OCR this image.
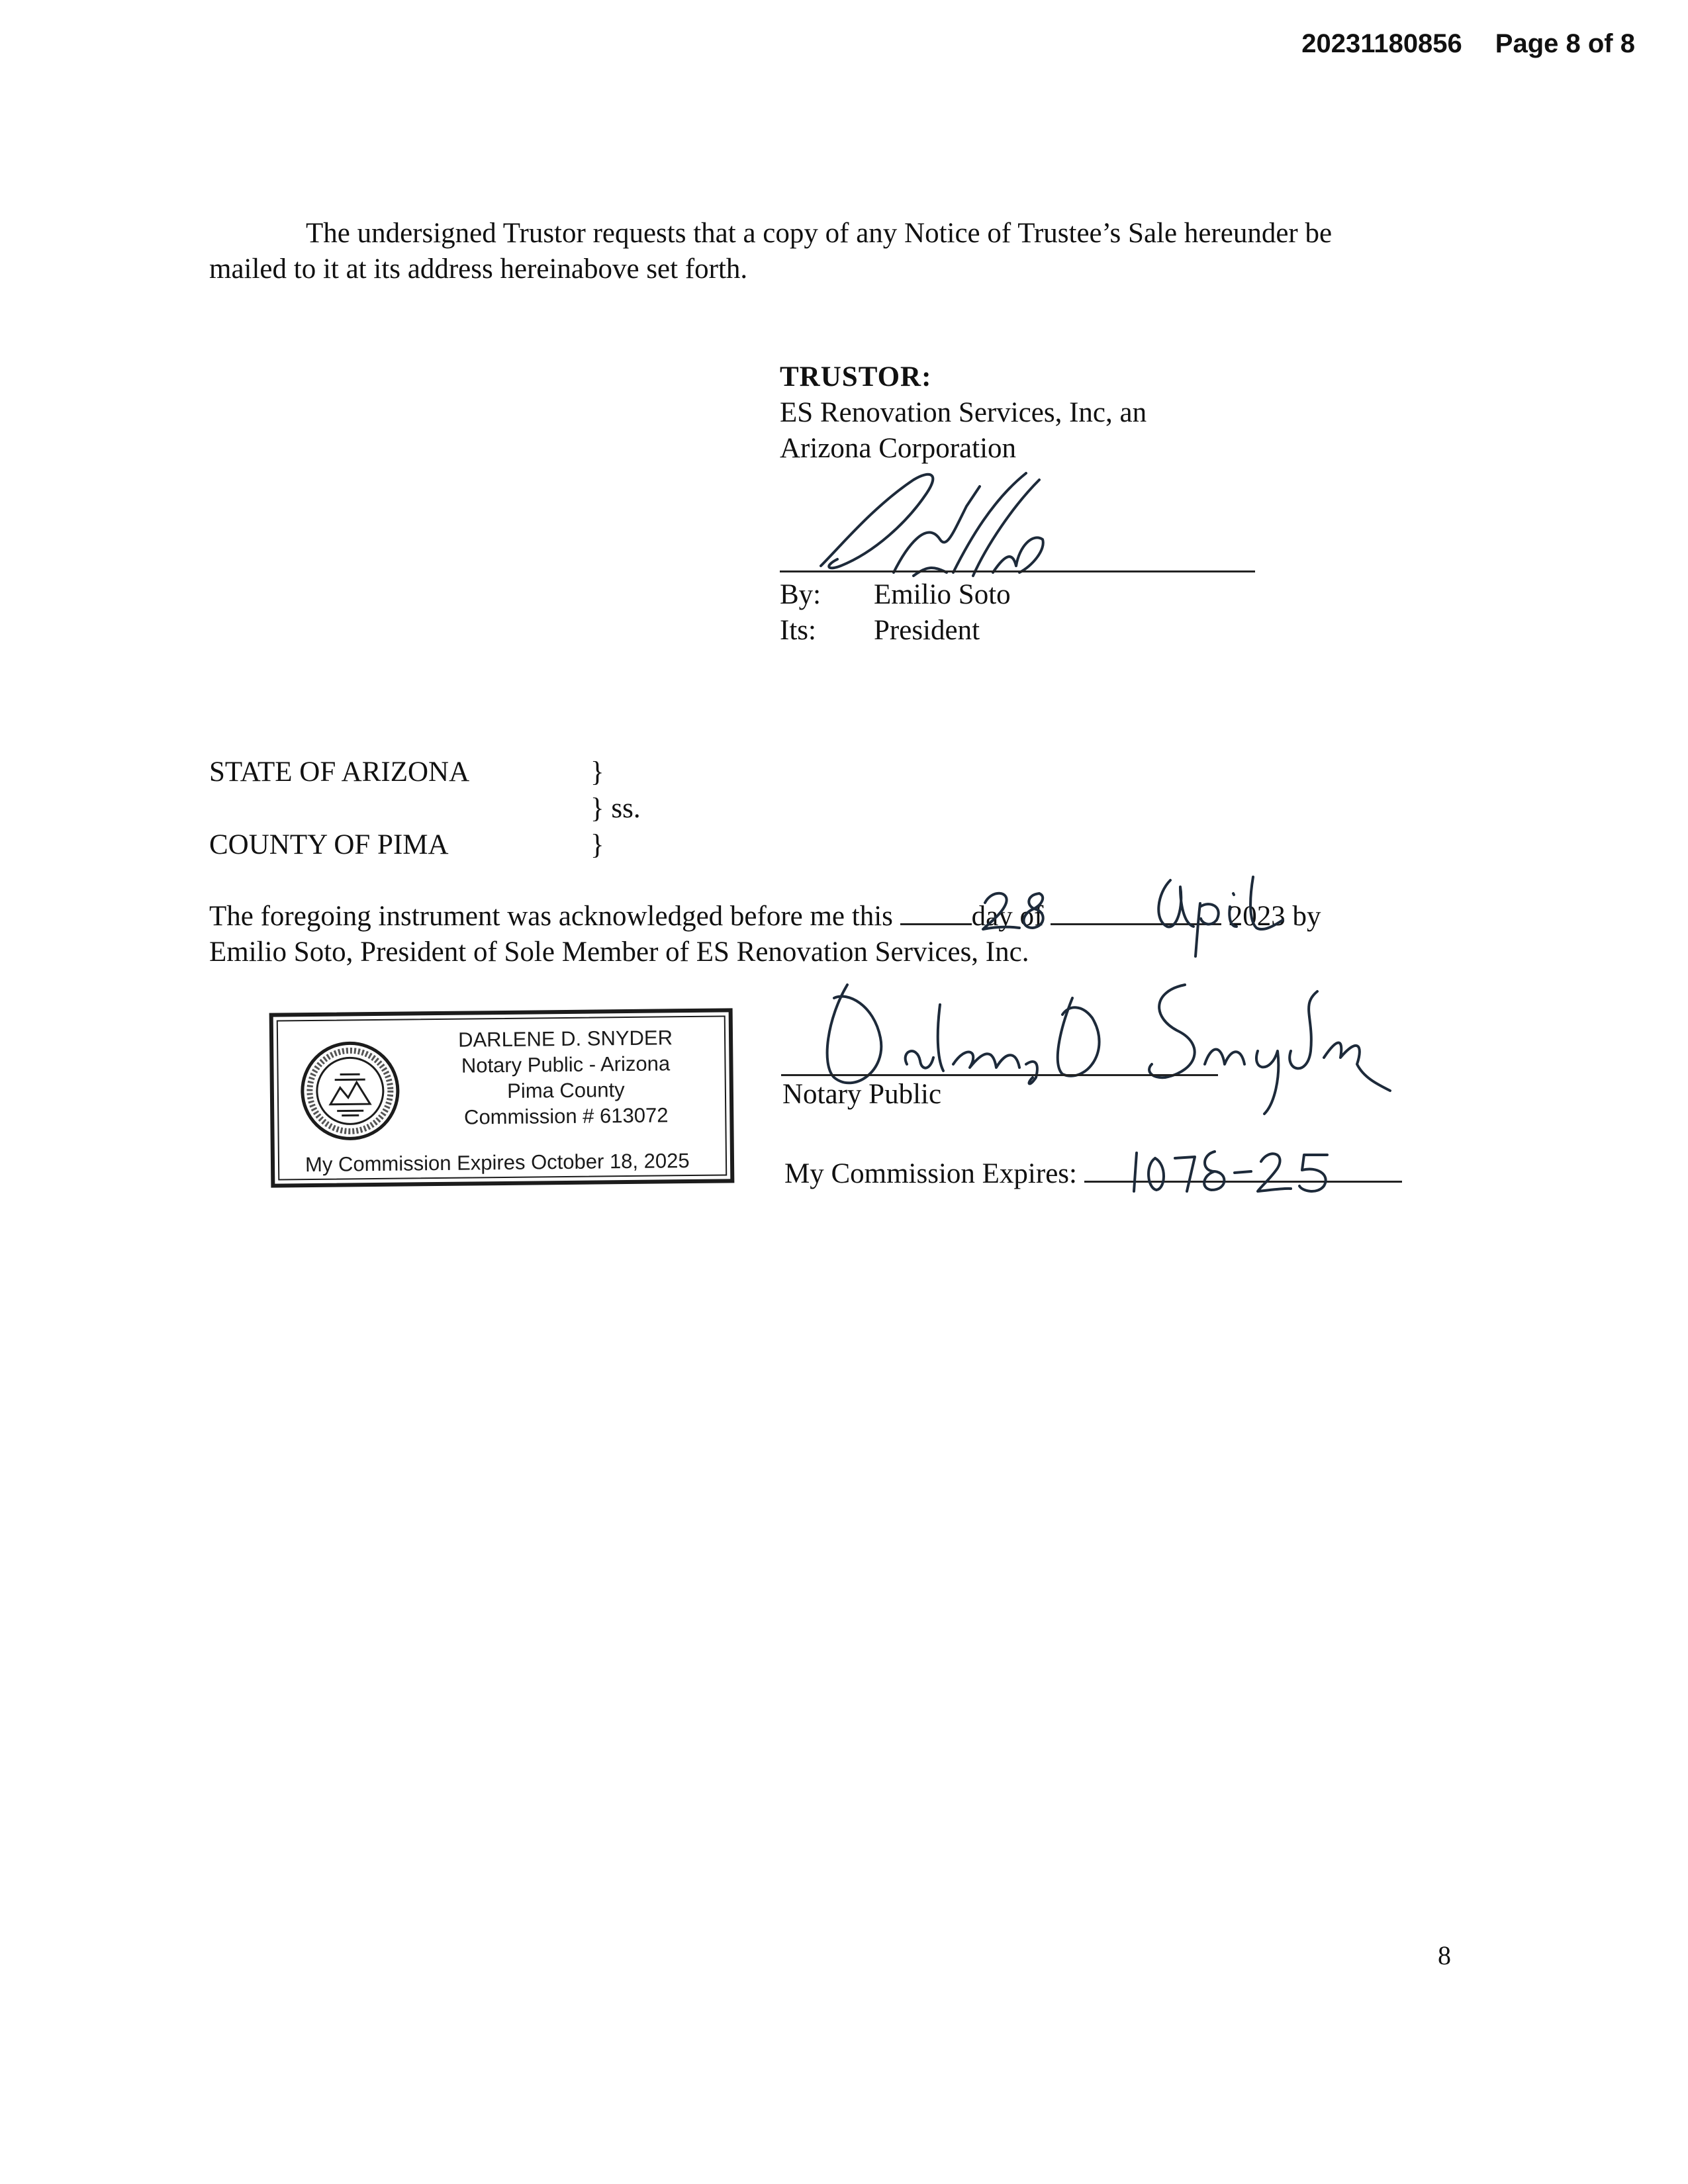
20231180856 Page 8 of 8
The undersigned Trustor requests that a copy of any Notice of Trustee’s Sale hereunder be
mailed to it at its address hereinabove set forth.
TRUSTOR:
ES Renovation Services, Inc, an
Arizona Corporation
By: Emilio Soto
Its: President
STATE OF ARIZONA	}
} ss.
COUNTY OF PIMA	}
The foregoing instrument was acknowledged before me this	day of	2023 by
Emilio Soto, President of Sole Member of ES Renovation Services, Inc.
DARLENE D. SNYDER
Notary Public - Arizona
Pima County
Commission # 613072
My Commission Expires October 18, 2025
Notary Public
My Commission Expires:
8
